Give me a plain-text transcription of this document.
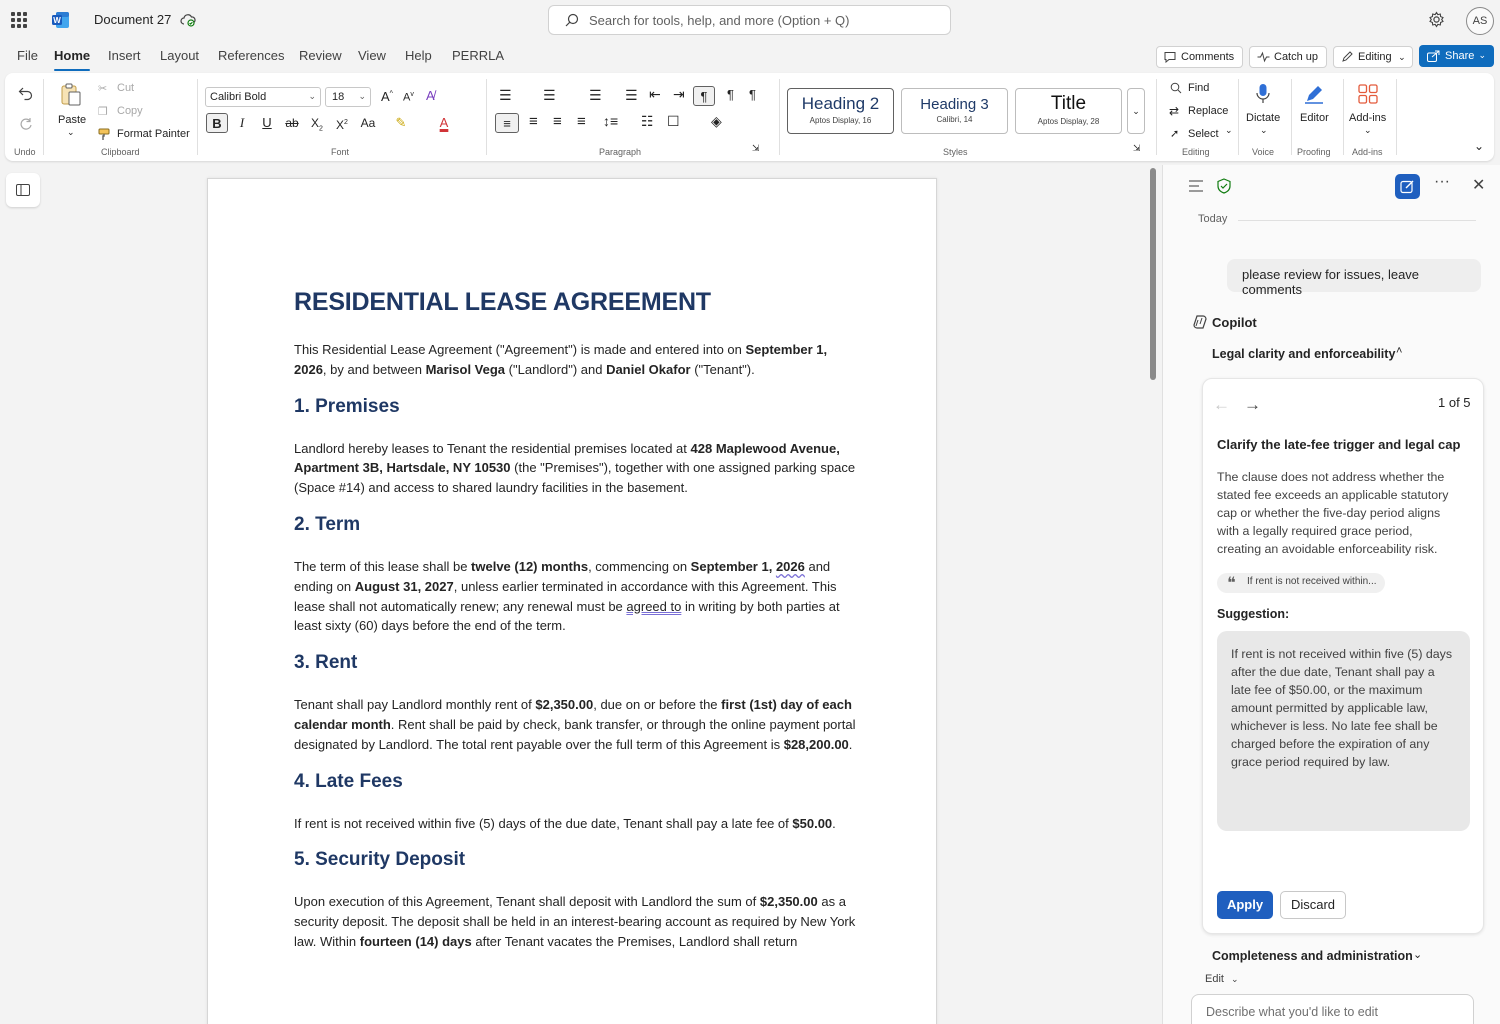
W	Document 27	Search for tools, help, and more (Option + Q)	AS
File Home Insert Layout References Review View Help PERRLA	Comments	Catch up	Editing ⌄	Share ⌄
Undo
Paste
⌄
✂ Cut
❐ Copy
Format Painter
Clipboard
Calibri Bold	⌄	18 ⌄ A^ $A^v$ A̸
B	I	U	ab	$X_2$	$X^2$	Aa	✎	A
Font
☰ ☰ ☰ ☰ ⇤ ⇥	¶	¶ ¶
≡	≡ ≡ ≡ ↕≡ ☷ ☐ ◈
Paragraph	⇲
Heading 2
Aptos Display, 16
Heading 3
Calibri, 14
Title
Aptos Display, 28
⌄
Styles	⇲
Find
⇄ Replace
➚ Select ⌄
Editing
Dictate
⌄
Voice
Editor
Proofing
Add-ins
⌄
Add-ins	⌄
RESIDENTIAL LEASE AGREEMENT

This Residential Lease Agreement ("Agreement") is made and entered into on September 1, 2026, by and between Marisol Vega ("Landlord") and Daniel Okafor ("Tenant").

1. Premises

Landlord hereby leases to Tenant the residential premises located at 428 Maplewood Avenue, Apartment 3B, Hartsdale, NY 10530 (the "Premises"), together with one assigned parking space (Space #14) and access to shared laundry facilities in the basement.

2. Term

The term of this lease shall be twelve (12) months, commencing on September 1, 2026 and ending on August 31, 2027, unless earlier terminated in accordance with this Agreement. This lease shall not automatically renew; any renewal must be agreed to in writing by both parties at least sixty (60) days before the end of the term.

3. Rent

Tenant shall pay Landlord monthly rent of $2,350.00, due on or before the first (1st) day of each calendar month. Rent shall be paid by check, bank transfer, or through the online payment portal designated by Landlord. The total rent payable over the full term of this Agreement is $28,200.00.

4. Late Fees

If rent is not received within five (5) days of the due date, Tenant shall pay a late fee of $50.00.

5. Security Deposit

Upon execution of this Agreement, Tenant shall deposit with Landlord the sum of $2,350.00 as a security deposit. The deposit shall be held in an interest-bearing account as required by New York law. Within fourteen (14) days after Tenant vacates the Premises, Landlord shall return

··· ✕
Today
please review for issues, leave comments
Copilot
Legal clarity and enforceability ˄
← →	1 of 5
Clarify the late-fee trigger and legal cap
The clause does not address whether the stated fee exceeds an applicable statutory cap or whether the five-day period aligns with a legally required grace period, creating an avoidable enforceability risk.
❝ If rent is not received within...
Suggestion:
If rent is not received within five (5) days after the due date, Tenant shall pay a late fee of $50.00, or the maximum amount permitted by applicable law, whichever is less. No late fee shall be charged before the expiration of any grace period required by law.
Apply	Discard
Completeness and administration ⌄
Edit ⌄
Describe what you'd like to edit
